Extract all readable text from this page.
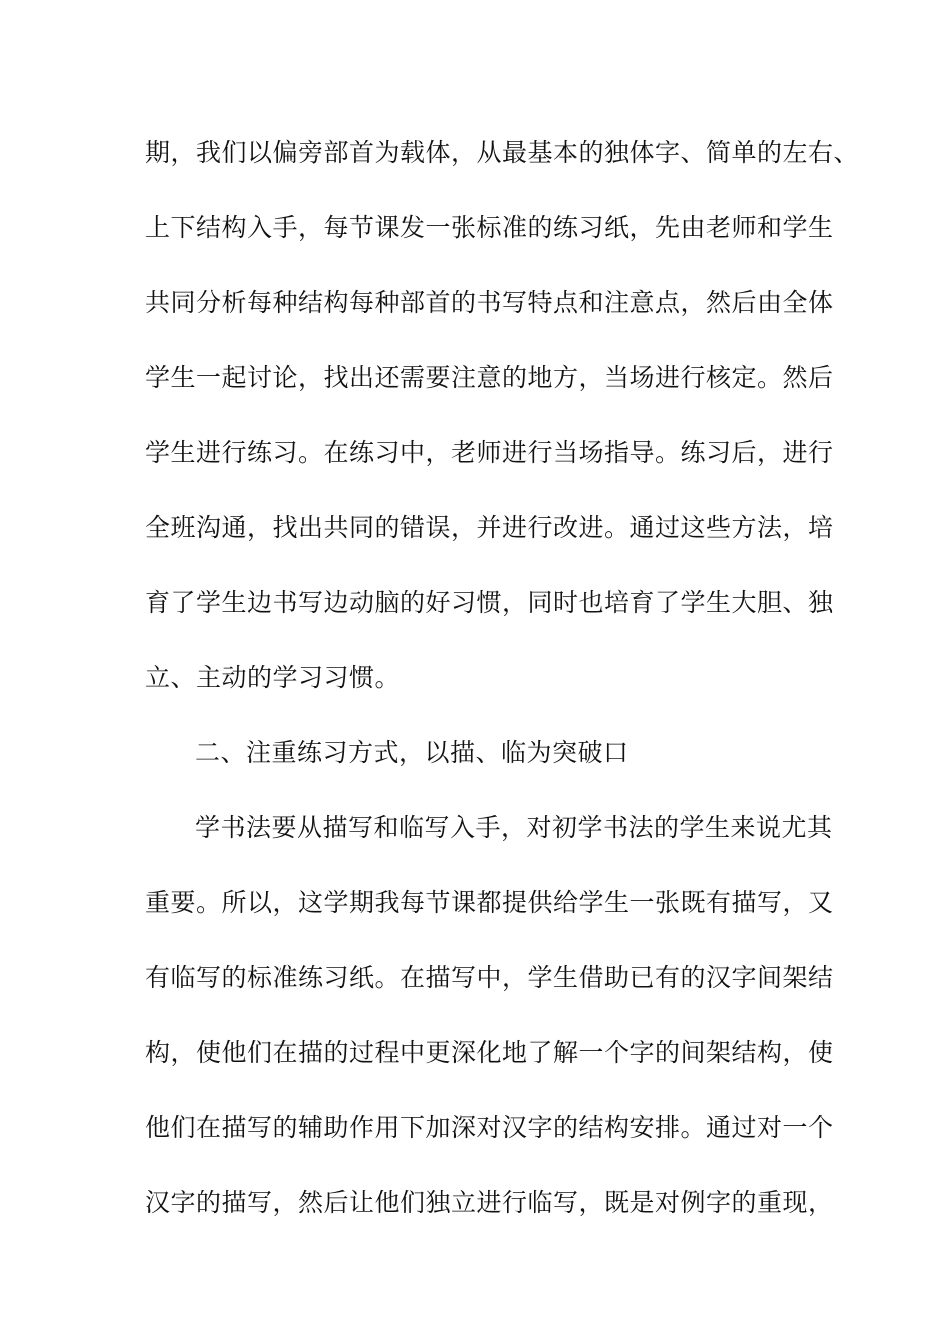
期，我们以偏旁部首为载体，从最基本的独体字、简单的左右、
上下结构入手，每节课发一张标准的练习纸，先由老师和学生
共同分析每种结构每种部首的书写特点和注意点，然后由全体
学生一起讨论，找出还需要注意的地方，当场进行核定。然后
学生进行练习。在练习中，老师进行当场指导。练习后，进行
全班沟通，找出共同的错误，并进行改进。通过这些方法，培
育了学生边书写边动脑的好习惯，同时也培育了学生大胆、独
立、主动的学习习惯。
二、注重练习方式，以描、临为突破口
学书法要从描写和临写入手，对初学书法的学生来说尤其
重要。所以，这学期我每节课都提供给学生一张既有描写，又
有临写的标准练习纸。在描写中，学生借助已有的汉字间架结
构，使他们在描的过程中更深化地了解一个字的间架结构，使
他们在描写的辅助作用下加深对汉字的结构安排。通过对一个
汉字的描写，然后让他们独立进行临写，既是对例字的重现，
